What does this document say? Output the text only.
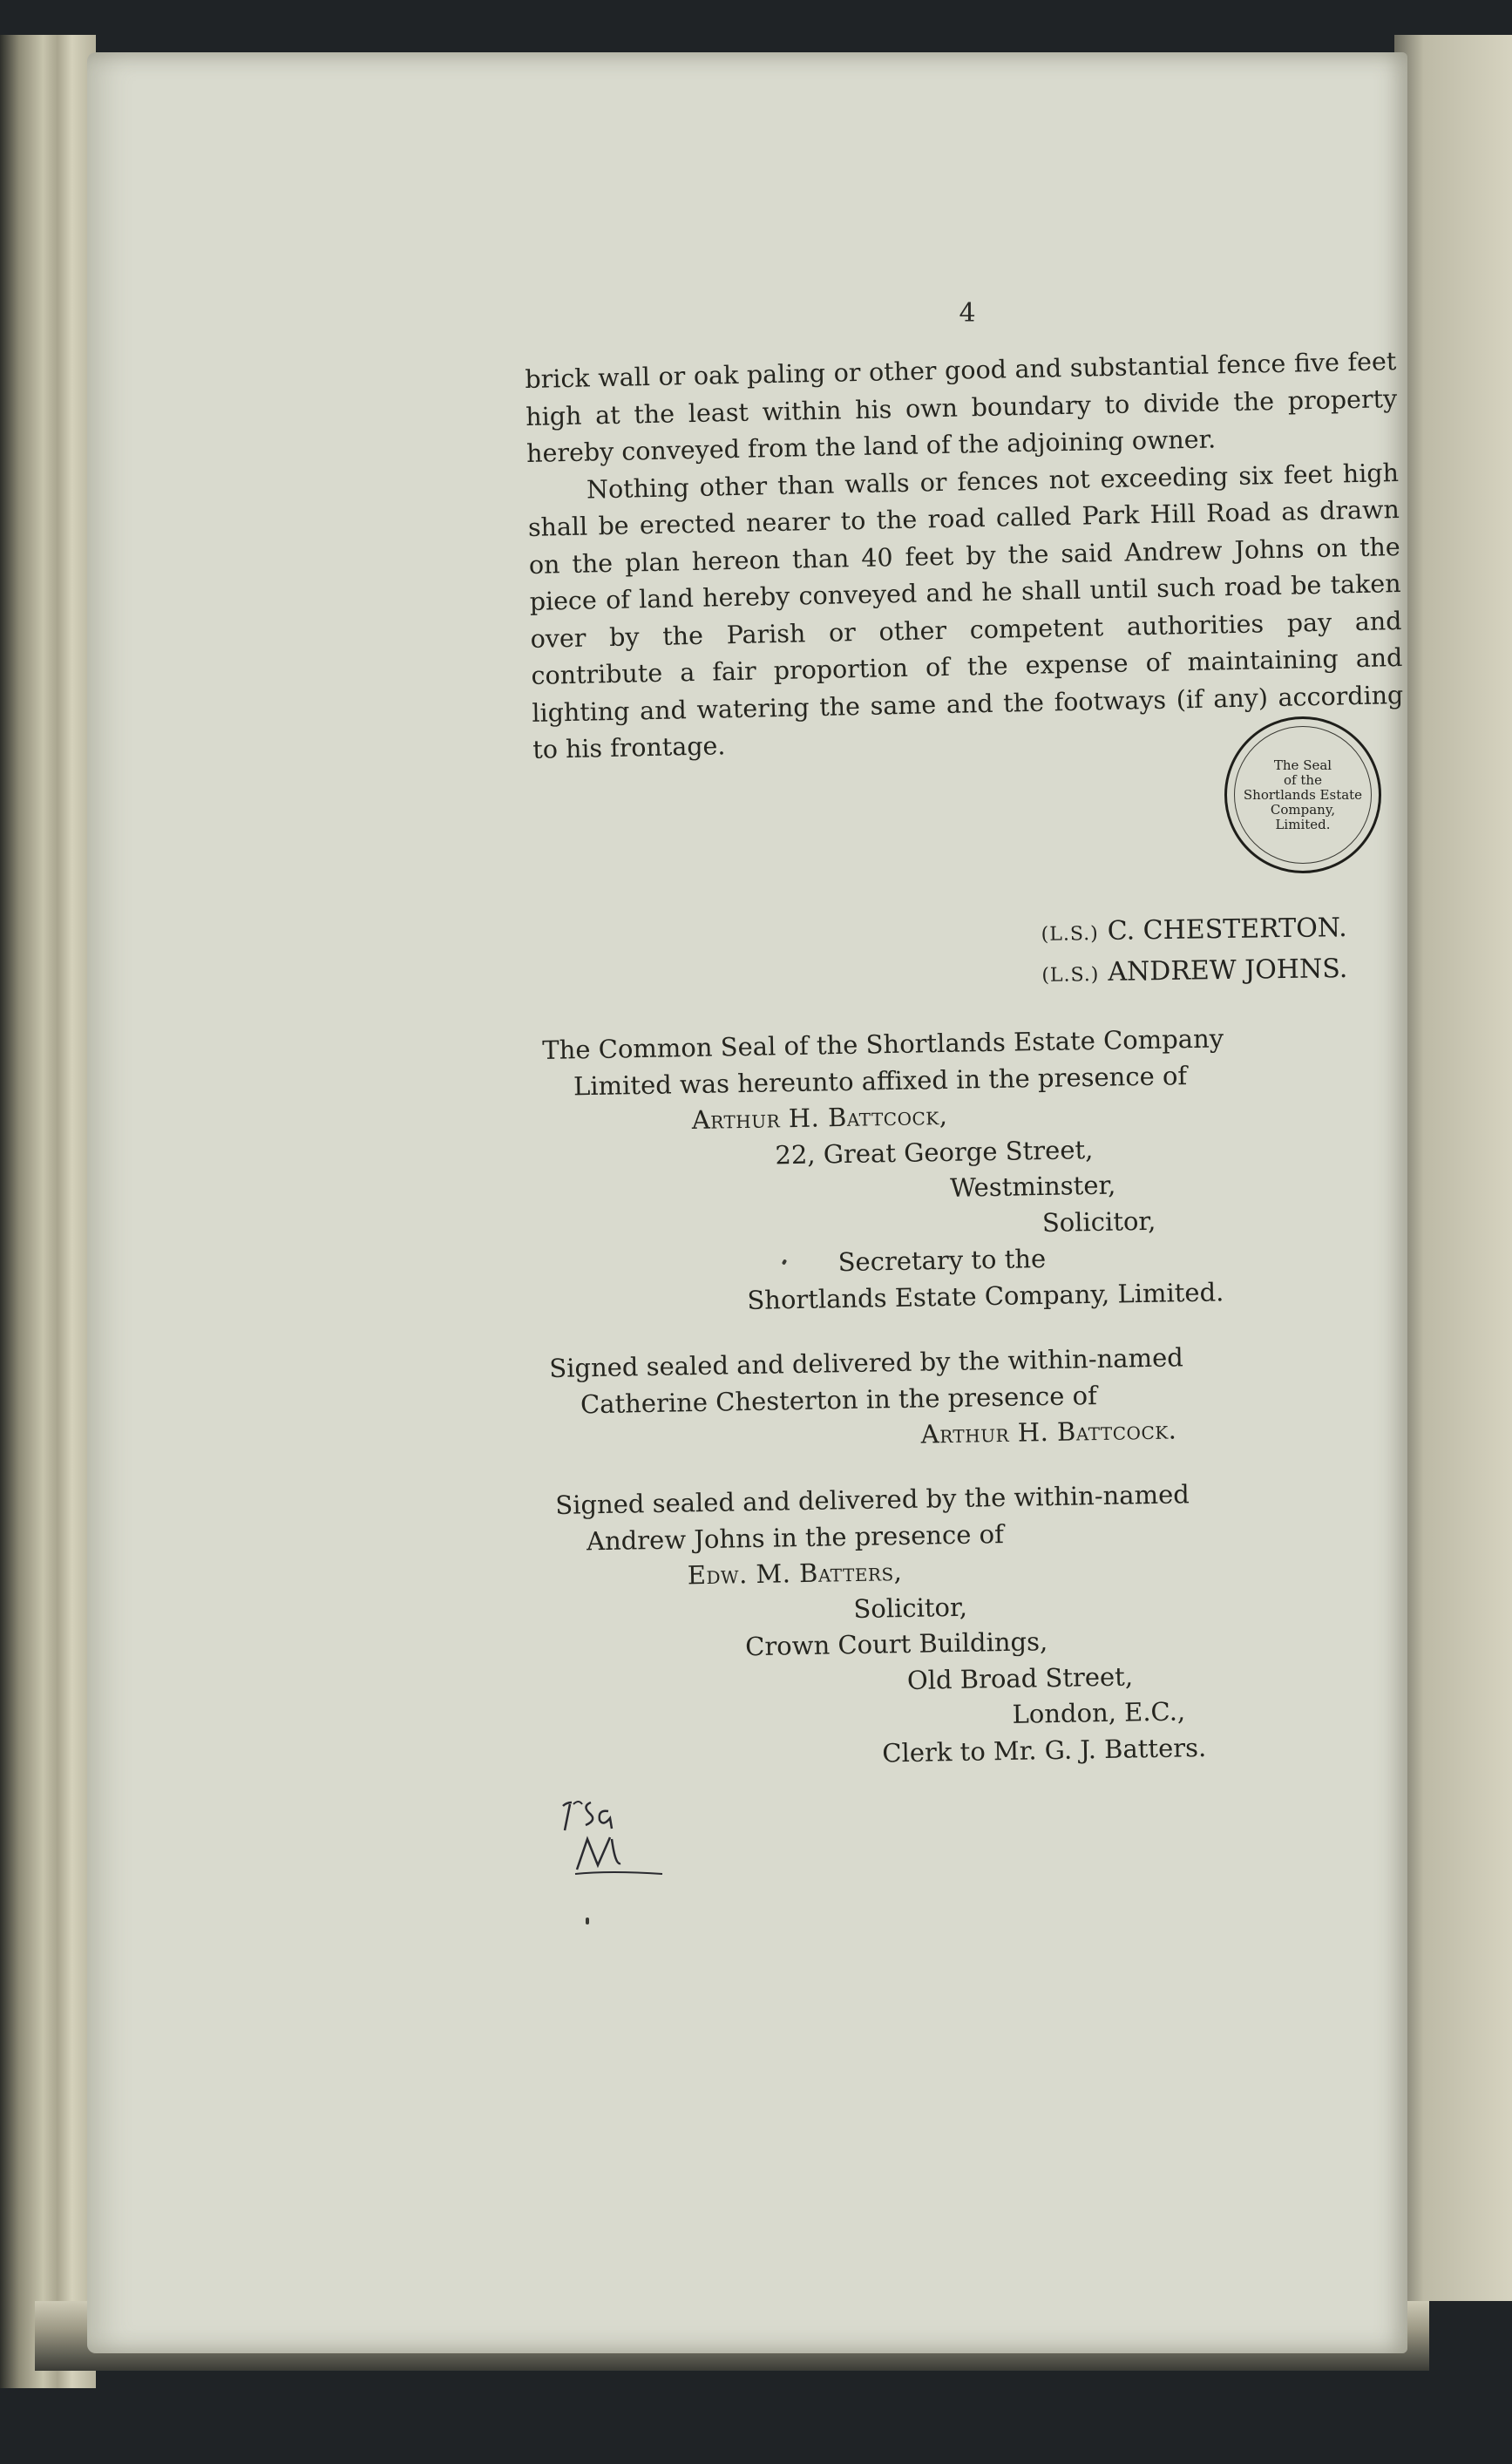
4

brick wall or oak paling or other good and substantial fence five feet high at the least within his own boundary to divide the property hereby conveyed from the land of the adjoining owner.

Nothing other than walls or fences not exceeding six feet high shall be erected nearer to the road called Park Hill Road as drawn on the plan hereon than 40 feet by the said Andrew Johns on the piece of land hereby conveyed and he shall until such road be taken over by the Parish or other competent authorities pay and contribute a fair proportion of the expense of maintaining and lighting and watering the same and the footways (if any) according to his frontage.

The Seal
of the
Shortlands Estate
Company,
Limited.
(L.S.) C. CHESTERTON.
(L.S.) ANDREW JOHNS.
The Common Seal of the Shortlands Estate Company
Limited was hereunto affixed in the presence of
Arthur H. Battcock,
22, Great George Street,
Westminster,
Solicitor,
Secretary to the
Shortlands Estate Company, Limited.
Signed sealed and delivered by the within-named
Catherine Chesterton in the presence of
Arthur H. Battcock.
Signed sealed and delivered by the within-named
Andrew Johns in the presence of
Edw. M. Batters,
Solicitor,
Crown Court Buildings,
Old Broad Street,
London, E.C.,
Clerk to Mr. G. J. Batters.
